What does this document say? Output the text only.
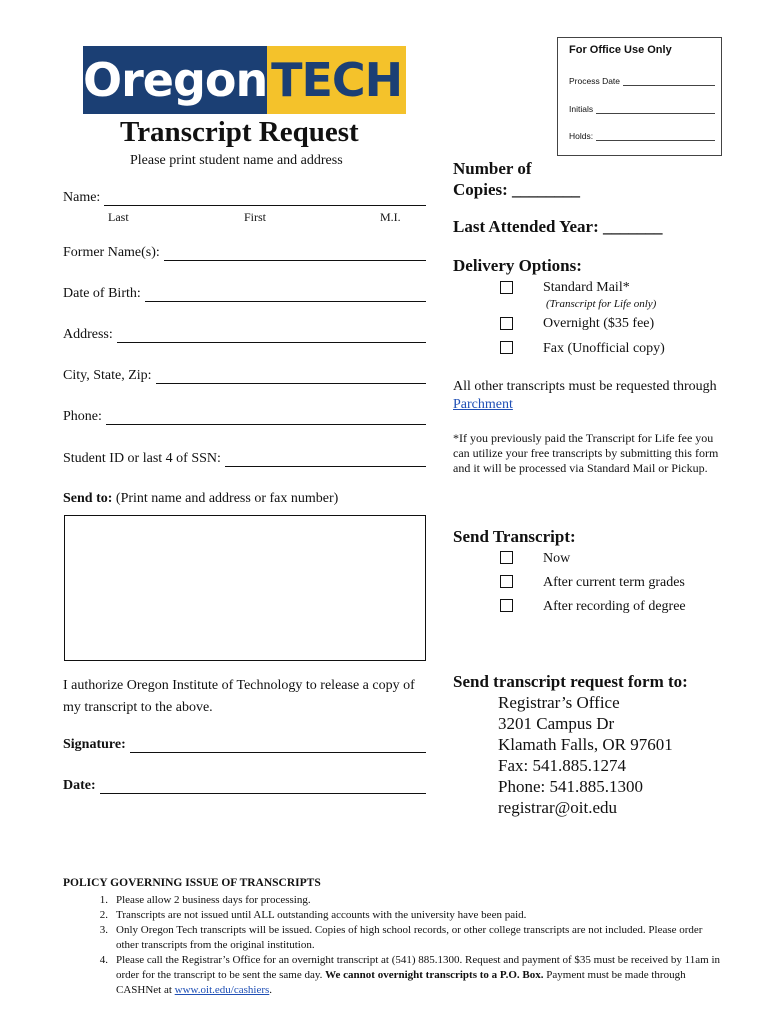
Oregon TECH
For Office Use Only
Process Date
Initials
Holds:
Transcript Request
Please print student name and address
Name:
Last	First	M.I.
Former Name(s):
Date of Birth:
Address:
City, State, Zip:
Phone:
Student ID or last 4 of SSN:
Send to: (Print name and address or fax number)
I authorize Oregon Institute of Technology to release a copy of my transcript to the above.
Signature:
Date:
Number of
Copies: ________
Last Attended Year: _______
Delivery Options:
Standard Mail*
(Transcript for Life only)
Overnight ($35 fee)
Fax (Unofficial copy)
All other transcripts must be requested through Parchment
*If you previously paid the Transcript for Life fee you can utilize your free transcripts by submitting this form and it will be processed via Standard Mail or Pickup.
Send Transcript:
Now
After current term grades
After recording of degree
Send transcript request form to:
Registrar’s Office
3201 Campus Dr
Klamath Falls, OR 97601
Fax: 541.885.1274
Phone: 541.885.1300
registrar@oit.edu
POLICY GOVERNING ISSUE OF TRANSCRIPTS
1. Please allow 2 business days for processing.
2. Transcripts are not issued until ALL outstanding accounts with the university have been paid.
3. Only Oregon Tech transcripts will be issued. Copies of high school records, or other college transcripts are not included. Please order other transcripts from the original institution.
4. Please call the Registrar’s Office for an overnight transcript at (541) 885.1300. Request and payment of $35 must be received by 11am in order for the transcript to be sent the same day. We cannot overnight transcripts to a P.O. Box. Payment must be made through CASHNet at www.oit.edu/cashiers.
